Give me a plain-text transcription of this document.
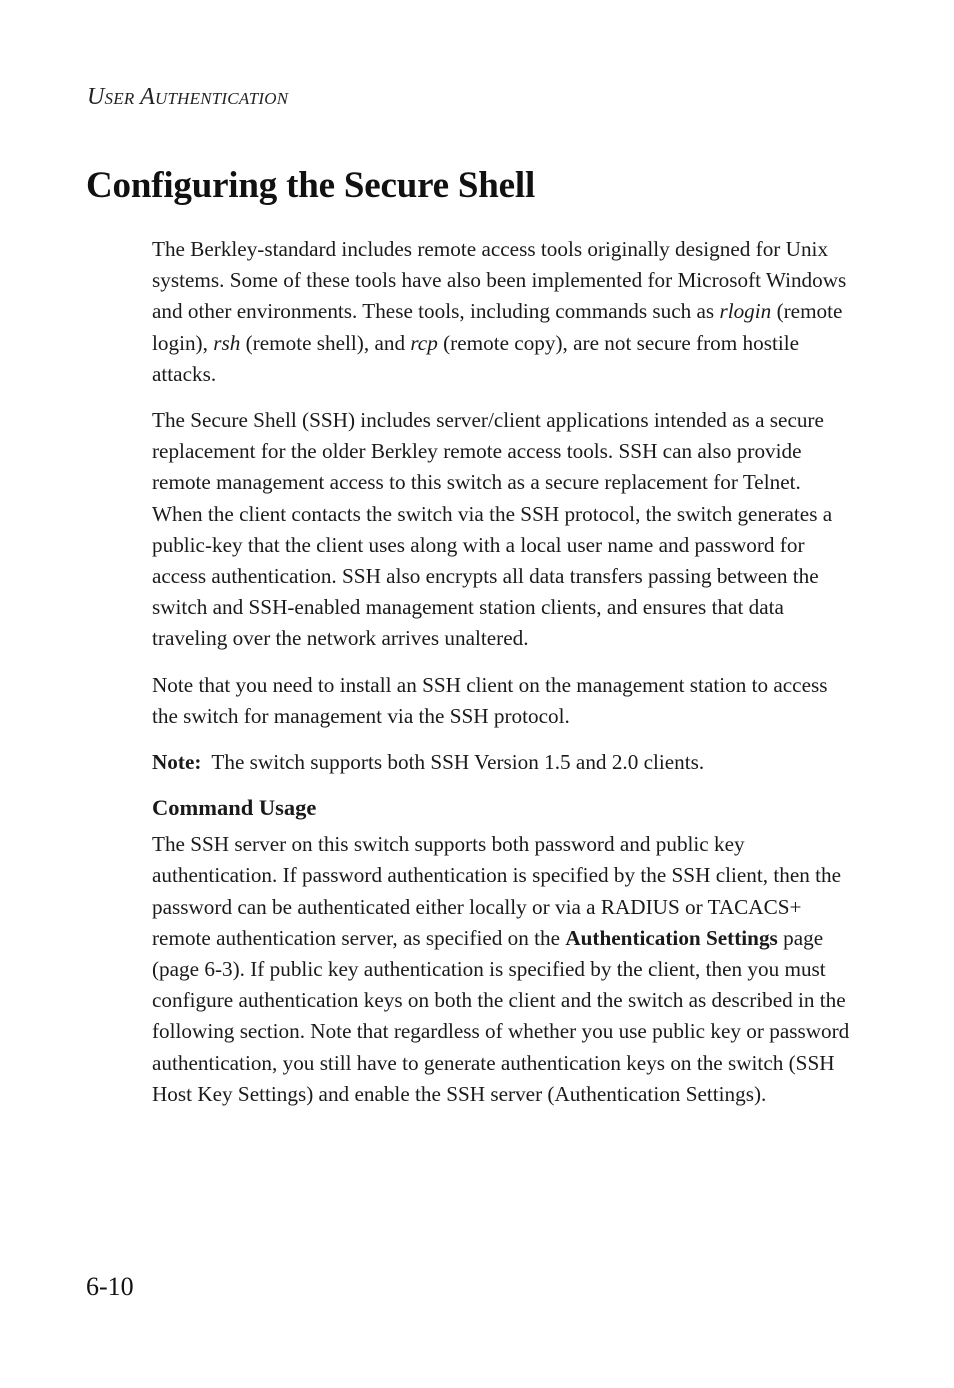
User Authentication
Configuring the Secure Shell

The Berkley-standard includes remote access tools originally designed for Unix systems. Some of these tools have also been implemented for Microsoft Windows and other environments. These tools, including commands such as rlogin (remote login), rsh (remote shell), and rcp (remote copy), are not secure from hostile attacks.

The Secure Shell (SSH) includes server/client applications intended as a secure replacement for the older Berkley remote access tools. SSH can also provide remote management access to this switch as a secure replacement for Telnet. When the client contacts the switch via the SSH protocol, the switch generates a public-key that the client uses along with a local user name and password for access authentication. SSH also encrypts all data transfers passing between the switch and SSH-enabled management station clients, and ensures that data traveling over the network arrives unaltered.

Note that you need to install an SSH client on the management station to access the switch for management via the SSH protocol.

Note: The switch supports both SSH Version 1.5 and 2.0 clients.

Command Usage

The SSH server on this switch supports both password and public key authentication. If password authentication is specified by the SSH client, then the password can be authenticated either locally or via a RADIUS or TACACS+ remote authentication server, as specified on the Authentication Settings page (page 6-3). If public key authentication is specified by the client, then you must configure authentication keys on both the client and the switch as described in the following section. Note that regardless of whether you use public key or password authentication, you still have to generate authentication keys on the switch (SSH Host Key Settings) and enable the SSH server (Authentication Settings).

6-10
